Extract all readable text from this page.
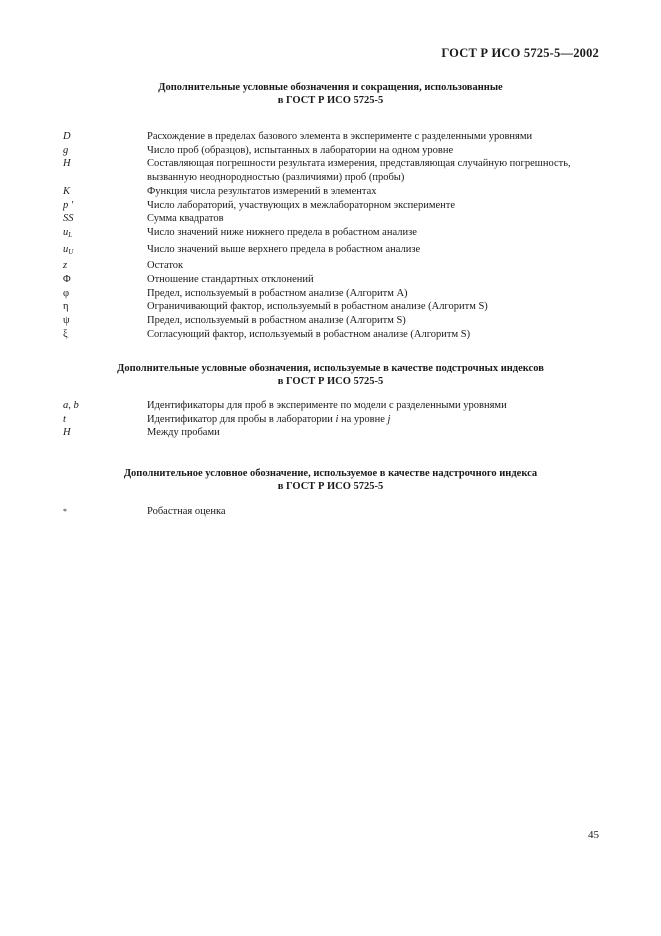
ГОСТ Р ИСО 5725-5—2002
Дополнительные условные обозначения и сокращения, использованные
в ГОСТ Р ИСО 5725-5
D	Расхождение в пределах базового элемента в эксперименте с разделенными уровнями
g	Число проб (образцов), испытанных в лаборатории на одном уровне
H	Составляющая погрешности результата измерения, представляющая случайную погрешность,
вызванную неоднородностью (различиями) проб (пробы)
K	Функция числа результатов измерений в элементах
p ′	Число лабораторий, участвующих в межлабораторном эксперименте
SS	Сумма квадратов
$u_L$	Число значений ниже нижнего предела в робастном анализе
$u_U$	Число значений выше верхнего предела в робастном анализе
z	Остаток
Φ	Отношение стандартных отклонений
φ	Предел, используемый в робастном анализе (Алгоритм A)
η	Ограничивающий фактор, используемый в робастном анализе (Алгоритм S)
ψ	Предел, используемый в робастном анализе (Алгоритм S)
ξ	Согласующий фактор, используемый в робастном анализе (Алгоритм S)
Дополнительные условные обозначения, используемые в качестве подстрочных индексов
в ГОСТ Р ИСО 5725-5
a, b	Идентификаторы для проб в эксперименте по модели с разделенными уровнями
t	Идентификатор для пробы в лаборатории i на уровне j
H	Между пробами
Дополнительное условное обозначение, используемое в качестве надстрочного индекса
в ГОСТ Р ИСО 5725-5
*	Робастная оценка
45
